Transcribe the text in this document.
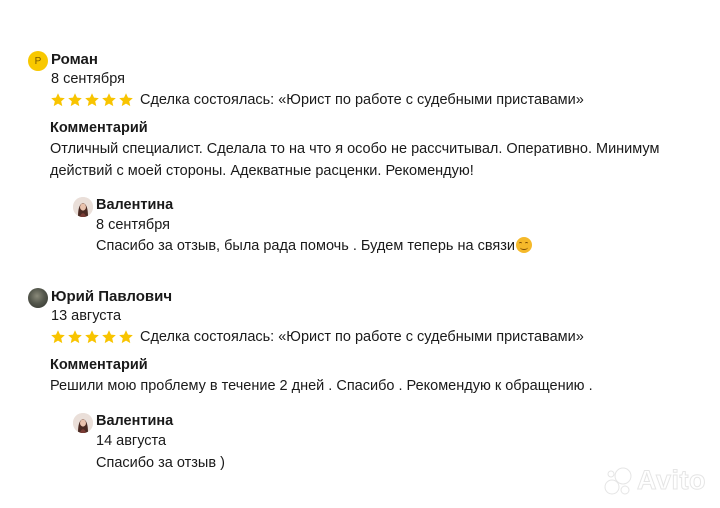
Р Роман
8 сентября
Сделка состоялась: «Юрист по работе с судебными приставами»
Комментарий
Отличный специалист. Сделала то на что я особо не рассчитывал. Оперативно. Минимум действий с моей стороны. Адекватные расценки. Рекомендую!
Валентина
8 сентября
Спасибо за отзыв, была рада помочь . Будем теперь на связи
Юрий Павлович
13 августа
Сделка состоялась: «Юрист по работе с судебными приставами»
Комментарий
Решили мою проблему в течение 2 дней . Спасибо . Рекомендую к обращению .
Валентина
14 августа
Спасибо за отзыв )
Avito
